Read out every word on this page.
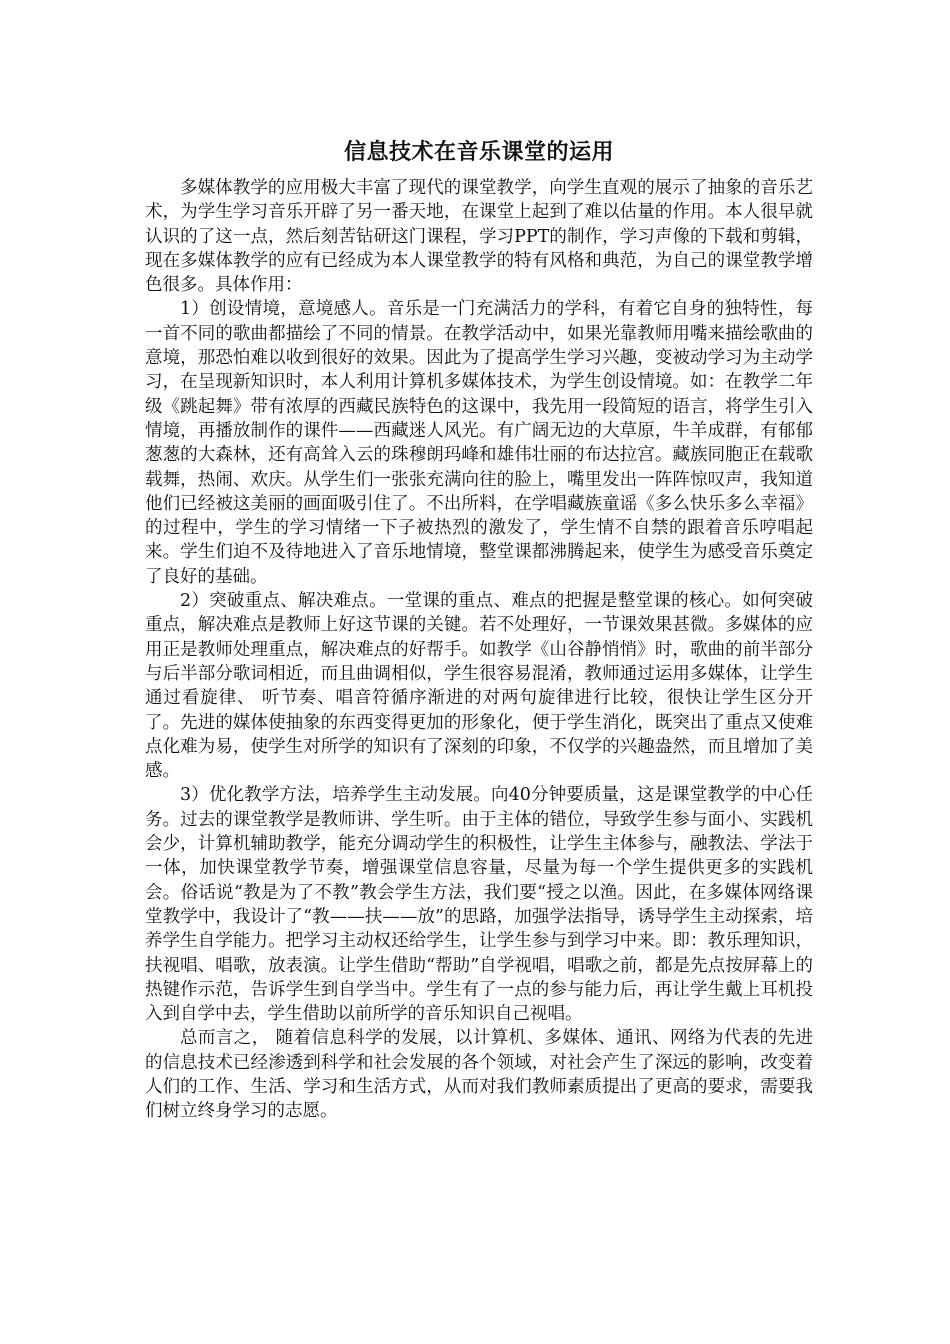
信息技术在音乐课堂的运用

多媒体教学的应用极大丰富了现代的课堂教学，向学生直观的展示了抽象的音乐艺术，为学生学习音乐开辟了另一番天地，在课堂上起到了难以估量的作用。本人很早就认识的了这一点，然后刻苦钻研这门课程，学习PPT的制作，学习声像的下载和剪辑，现在多媒体教学的应有已经成为本人课堂教学的特有风格和典范，为自己的课堂教学增色很多。具体作用：

1）创设情境，意境感人。音乐是一门充满活力的学科，有着它自身的独特性，每一首不同的歌曲都描绘了不同的情景。在教学活动中，如果光靠教师用嘴来描绘歌曲的意境，那恐怕难以收到很好的效果。因此为了提高学生学习兴趣，变被动学习为主动学习，在呈现新知识时，本人利用计算机多媒体技术，为学生创设情境。如：在教学二年级《跳起舞》带有浓厚的西藏民族特色的这课中，我先用一段简短的语言，将学生引入情境，再播放制作的课件——西藏迷人风光。有广阔无边的大草原，牛羊成群，有郁郁葱葱的大森林，还有高耸入云的珠穆朗玛峰和雄伟壮丽的布达拉宫。藏族同胞正在载歌载舞，热闹、欢庆。从学生们一张张充满向往的脸上，嘴里发出一阵阵惊叹声，我知道他们已经被这美丽的画面吸引住了。不出所料，在学唱藏族童谣《多么快乐多么幸福》的过程中，学生的学习情绪一下子被热烈的激发了，学生情不自禁的跟着音乐哼唱起来。学生们迫不及待地进入了音乐地情境，整堂课都沸腾起来，使学生为感受音乐奠定了良好的基础。

2）突破重点、解决难点。一堂课的重点、难点的把握是整堂课的核心。如何突破重点，解决难点是教师上好这节课的关键。若不处理好，一节课效果甚微。多媒体的应用正是教师处理重点，解决难点的好帮手。如教学《山谷静悄悄》时，歌曲的前半部分与后半部分歌词相近，而且曲调相似，学生很容易混淆，教师通过运用多媒体，让学生通过看旋律、 听节奏、唱音符循序渐进的对两句旋律进行比较，很快让学生区分开了。先进的媒体使抽象的东西变得更加的形象化，便于学生消化，既突出了重点又使难点化难为易，使学生对所学的知识有了深刻的印象，不仅学的兴趣盎然，而且增加了美感。

3）优化教学方法，培养学生主动发展。向40分钟要质量，这是课堂教学的中心任务。过去的课堂教学是教师讲、学生听。由于主体的错位，导致学生参与面小、实践机会少，计算机辅助教学，能充分调动学生的积极性，让学生主体参与，融教法、学法于一体，加快课堂教学节奏，增强课堂信息容量，尽量为每一个学生提供更多的实践机会。俗话说“教是为了不教”教会学生方法，我们要“授之以渔。因此，在多媒体网络课堂教学中，我设计了“教——扶——放”的思路，加强学法指导，诱导学生主动探索，培养学生自学能力。把学习主动权还给学生，让学生参与到学习中来。即：教乐理知识，扶视唱、唱歌，放表演。让学生借助“帮助”自学视唱，唱歌之前，都是先点按屏幕上的热键作示范，告诉学生到自学当中。学生有了一点的参与能力后，再让学生戴上耳机投入到自学中去，学生借助以前所学的音乐知识自己视唱。

总而言之， 随着信息科学的发展，以计算机、多媒体、通讯、网络为代表的先进的信息技术已经渗透到科学和社会发展的各个领域，对社会产生了深远的影响，改变着人们的工作、生活、学习和生活方式，从而对我们教师素质提出了更高的要求，需要我们树立终身学习的志愿。
